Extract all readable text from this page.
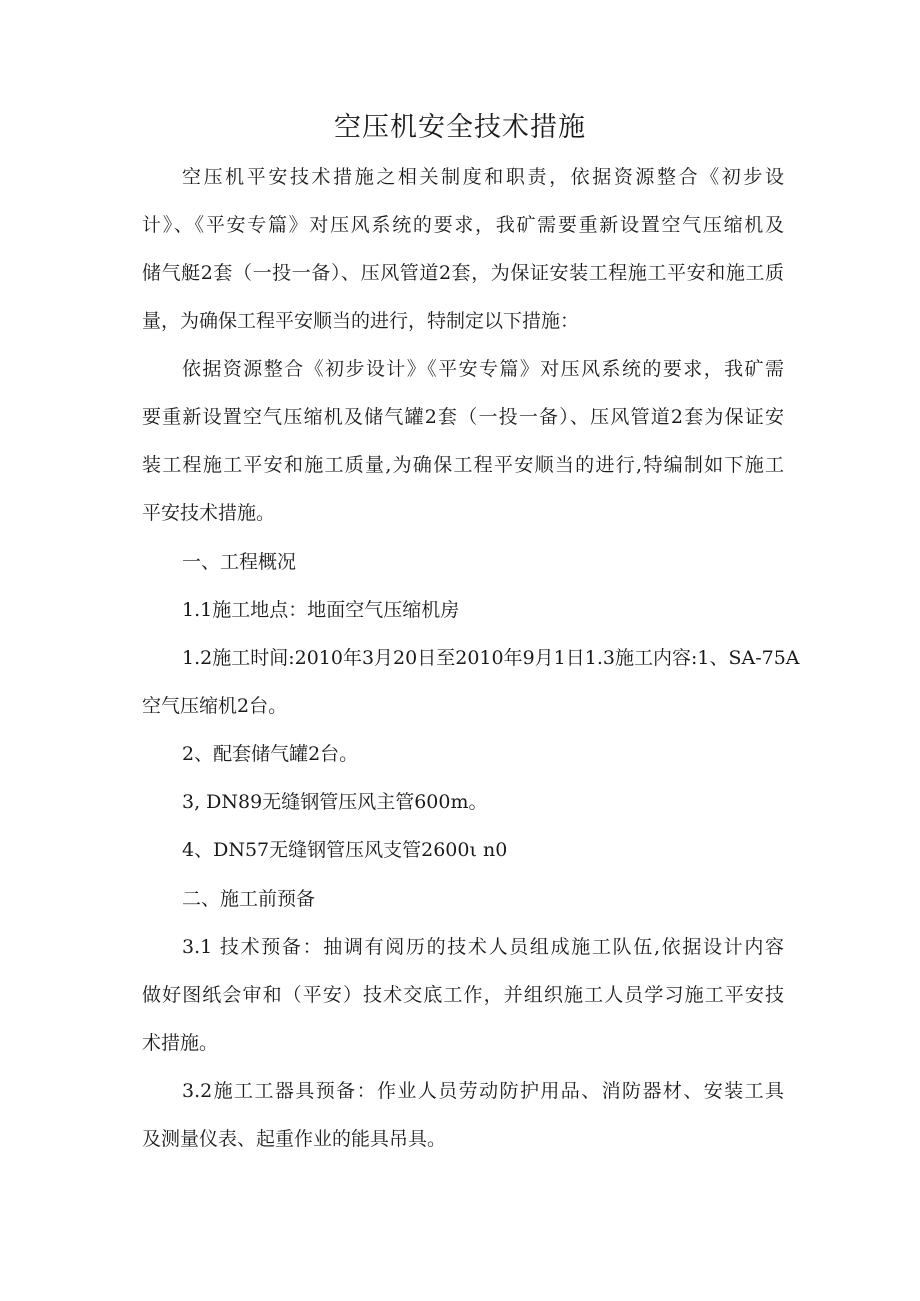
空压机安全技术措施
空压机平安技术措施之相关制度和职责，依据资源整合《初步设
计》、《平安专篇》对压风系统的要求，我矿需要重新设置空气压缩机及
储气艇2套（一投一备）、压风管道2套，为保证安装工程施工平安和施工质
量，为确保工程平安顺当的进行，特制定以下措施：
依据资源整合《初步设计》《平安专篇》对压风系统的要求，我矿需
要重新设置空气压缩机及储气罐2套（一投一备）、压风管道2套为保证安
装工程施工平安和施工质量,为确保工程平安顺当的进行,特编制如下施工
平安技术措施。
一、工程概况
1.1施工地点：地面空气压缩机房
1.2施工时间:2010年3月20日至2010年9月1日1.3施工内容:1、SA-75A
空气压缩机2台。
2、配套储气罐2台。
3, DN89无缝钢管压风主管600m。
4、DN57无缝钢管压风支管2600ι n0
二、施工前预备
3.1 技术预备：抽调有阅历的技术人员组成施工队伍,依据设计内容
做好图纸会审和（平安）技术交底工作，并组织施工人员学习施工平安技
术措施。
3.2施工工器具预备：作业人员劳动防护用品、消防器材、安装工具
及测量仪表、起重作业的能具吊具。
